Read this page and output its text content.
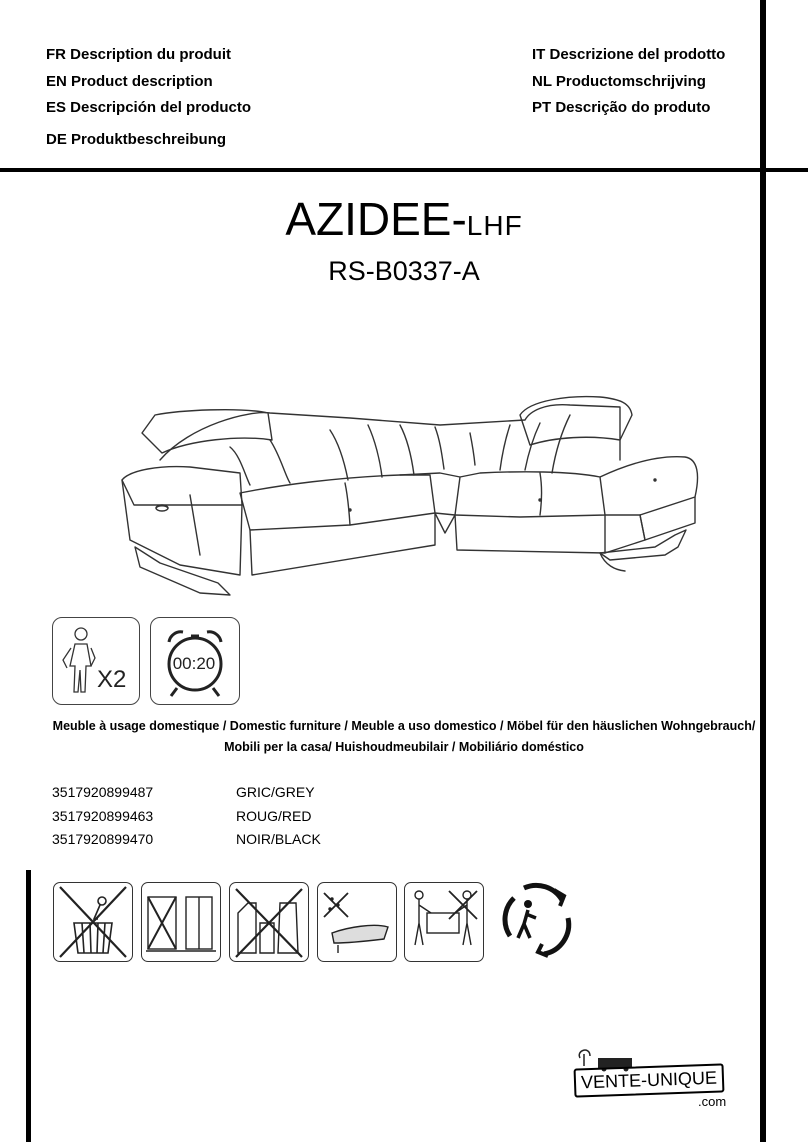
FR Description du produit
EN Product description
ES Descripción del producto
DE Produktbeschreibung
IT Descrizione del prodotto
NL Productomschrijving
PT Descrição do produto
AZIDEE-LHF
RS-B0337-A
X2
00:20
Meuble à usage domestique / Domestic furniture / Meuble a uso domestico / Möbel für den häuslichen Wohngebrauch/
Mobili per la casa/ Huishoudmeubilair / Mobiliário doméstico
3517920899487	GRIC/GREY
3517920899463	ROUG/RED
3517920899470	NOIR/BLACK
VENTE-UNIQUE
.com
